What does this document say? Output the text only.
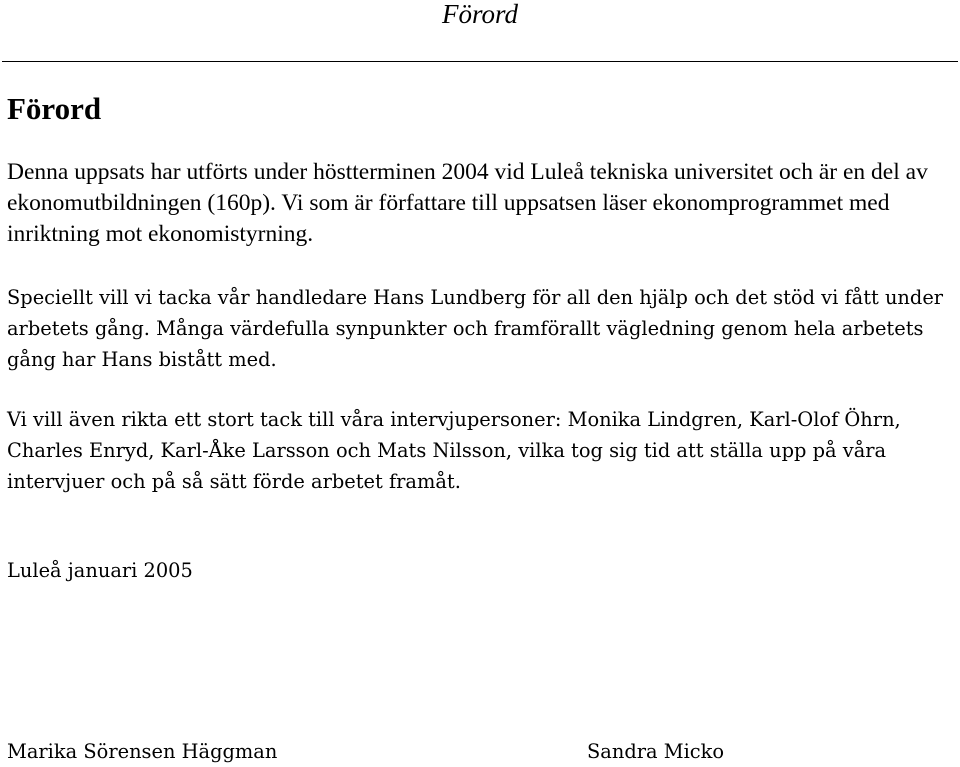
Förord
Förord

Denna uppsats har utförts under höstterminen 2004 vid Luleå tekniska universitet och är en del av ekonomutbildningen (160p). Vi som är författare till uppsatsen läser ekonomprogrammet med inriktning mot ekonomistyrning.

Speciellt vill vi tacka vår handledare Hans Lundberg för all den hjälp och det stöd vi fått under arbetets gång. Många värdefulla synpunkter och framförallt vägledning genom hela arbetets gång har Hans bistått med.

Vi vill även rikta ett stort tack till våra intervjupersoner: Monika Lindgren, Karl-Olof Öhrn, Charles Enryd, Karl-Åke Larsson och Mats Nilsson, vilka tog sig tid att ställa upp på våra intervjuer och på så sätt förde arbetet framåt.

Luleå januari 2005
Marika Sörensen Häggman	Sandra Micko
